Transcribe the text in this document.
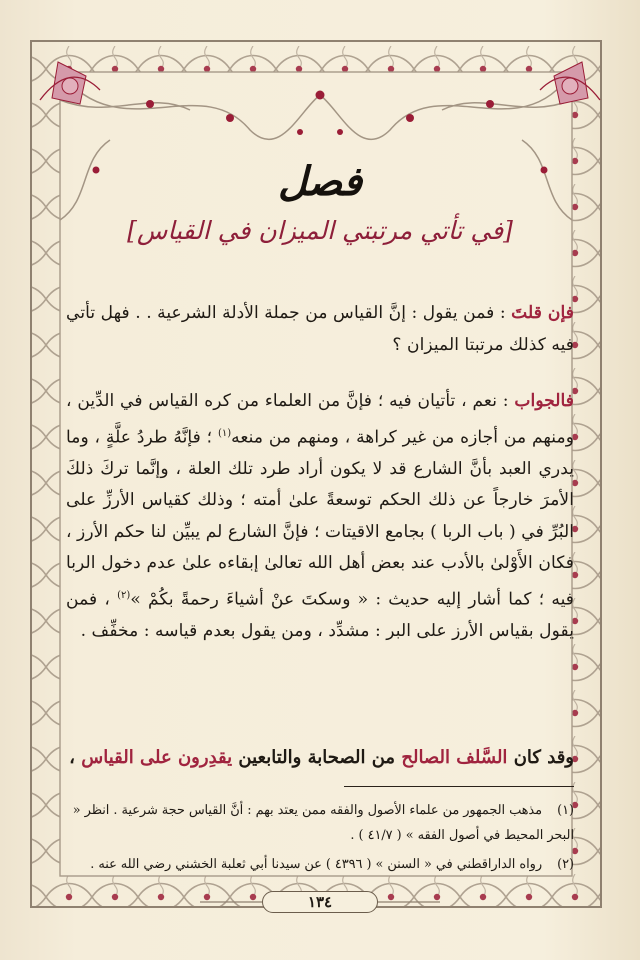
فصل
[في تأتي مرتبتي الميزان في القياس]
فإن قلتَ : فمن يقول : إنَّ القياس من جملة الأدلة الشرعية . . فهل تأتي فيه كذلك مرتبتا الميزان ؟
فالجواب : نعم ، تأتيان فيه ؛ فإنَّ من العلماء من كره القياس في الدِّين ، ومنهم من أجازه من غير كراهة ، ومنهم من منعه$^{(١)}$ ؛ فإنَّهُ طردُ علَّةٍ ، وما يدري العبد بأنَّ الشارع قد لا يكون أراد طرد تلك العلة ، وإنَّما تركَ ذلكَ الأمرَ خارجاً عن ذلك الحكم توسعةً علىٰ أمته ؛ وذلك كقياس الأرزِّ على البُرِّ في ( باب الربا ) بجامع الاقيتات ؛ فإنَّ الشارع لم يبيِّن لنا حكم الأرز ، فكان الأَوْلىٰ بالأدب عند بعض أهل الله تعالىٰ إبقاءه علىٰ عدم دخول الربا فيه ؛ كما أشار إليه حديث : « وسكتَ عنْ أشياءَ رحمةً بكُمْ »$^{(٢)}$ ، فمن يقول بقياس الأرز على البر : مشدِّد ، ومن يقول بعدم قياسه : مخفِّف .
وقد كان السَّلف الصالح من الصحابة والتابعين يقدِرون على القياس ،
(١)مذهب الجمهور من علماء الأصول والفقه ممن يعتد بهم : أنَّ القياس حجة شرعية . انظر « البحر المحيط في أصول الفقه » ( ٤١/٧ ) .
(٢)رواه الداراقطني في « السنن » ( ٤٣٩٦ ) عن سيدنا أبي ثعلبة الخشني رضي الله عنه .
١٣٤
